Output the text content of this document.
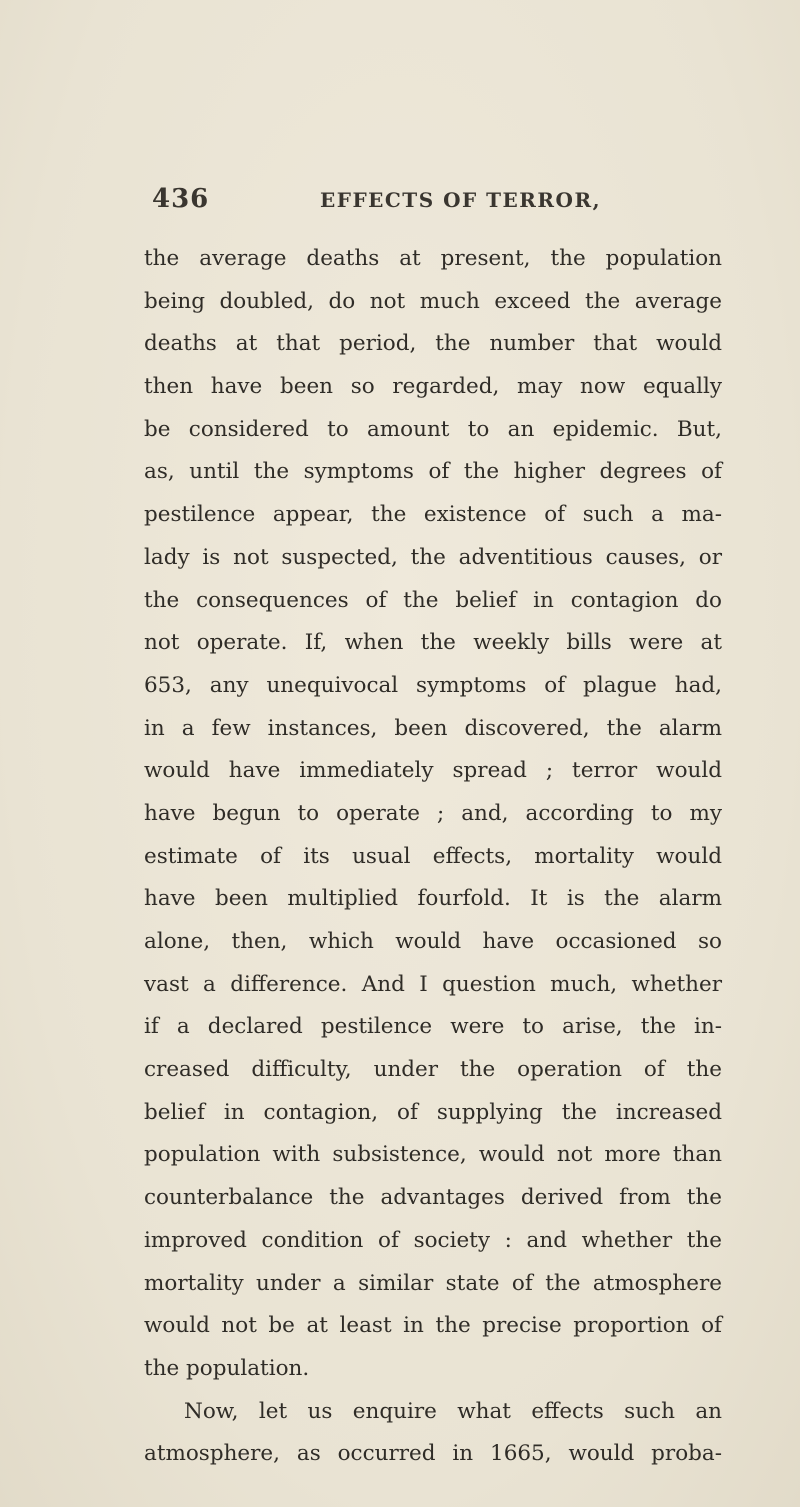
436	EFFECTS OF TERROR,
the average deaths at present, the population
being doubled, do not much exceed the average
deaths at that period, the number that would
then have been so regarded, may now equally
be considered to amount to an epidemic. But,
as, until the symptoms of the higher degrees of
pestilence appear, the existence of such a ma-
lady is not suspected, the adventitious causes, or
the consequences of the belief in contagion do
not operate. If, when the weekly bills were at
653, any unequivocal symptoms of plague had,
in a few instances, been discovered, the alarm
would have immediately spread ; terror would
have begun to operate ; and, according to my
estimate of its usual effects, mortality would
have been multiplied fourfold. It is the alarm
alone, then, which would have occasioned so
vast a difference. And I question much, whether
if a declared pestilence were to arise, the in-
creased difficulty, under the operation of the
belief in contagion, of supplying the increased
population with subsistence, would not more than
counterbalance the advantages derived from the
improved condition of society : and whether the
mortality under a similar state of the atmosphere
would not be at least in the precise proportion of
the population.
Now, let us enquire what effects such an
atmosphere, as occurred in 1665, would proba-
